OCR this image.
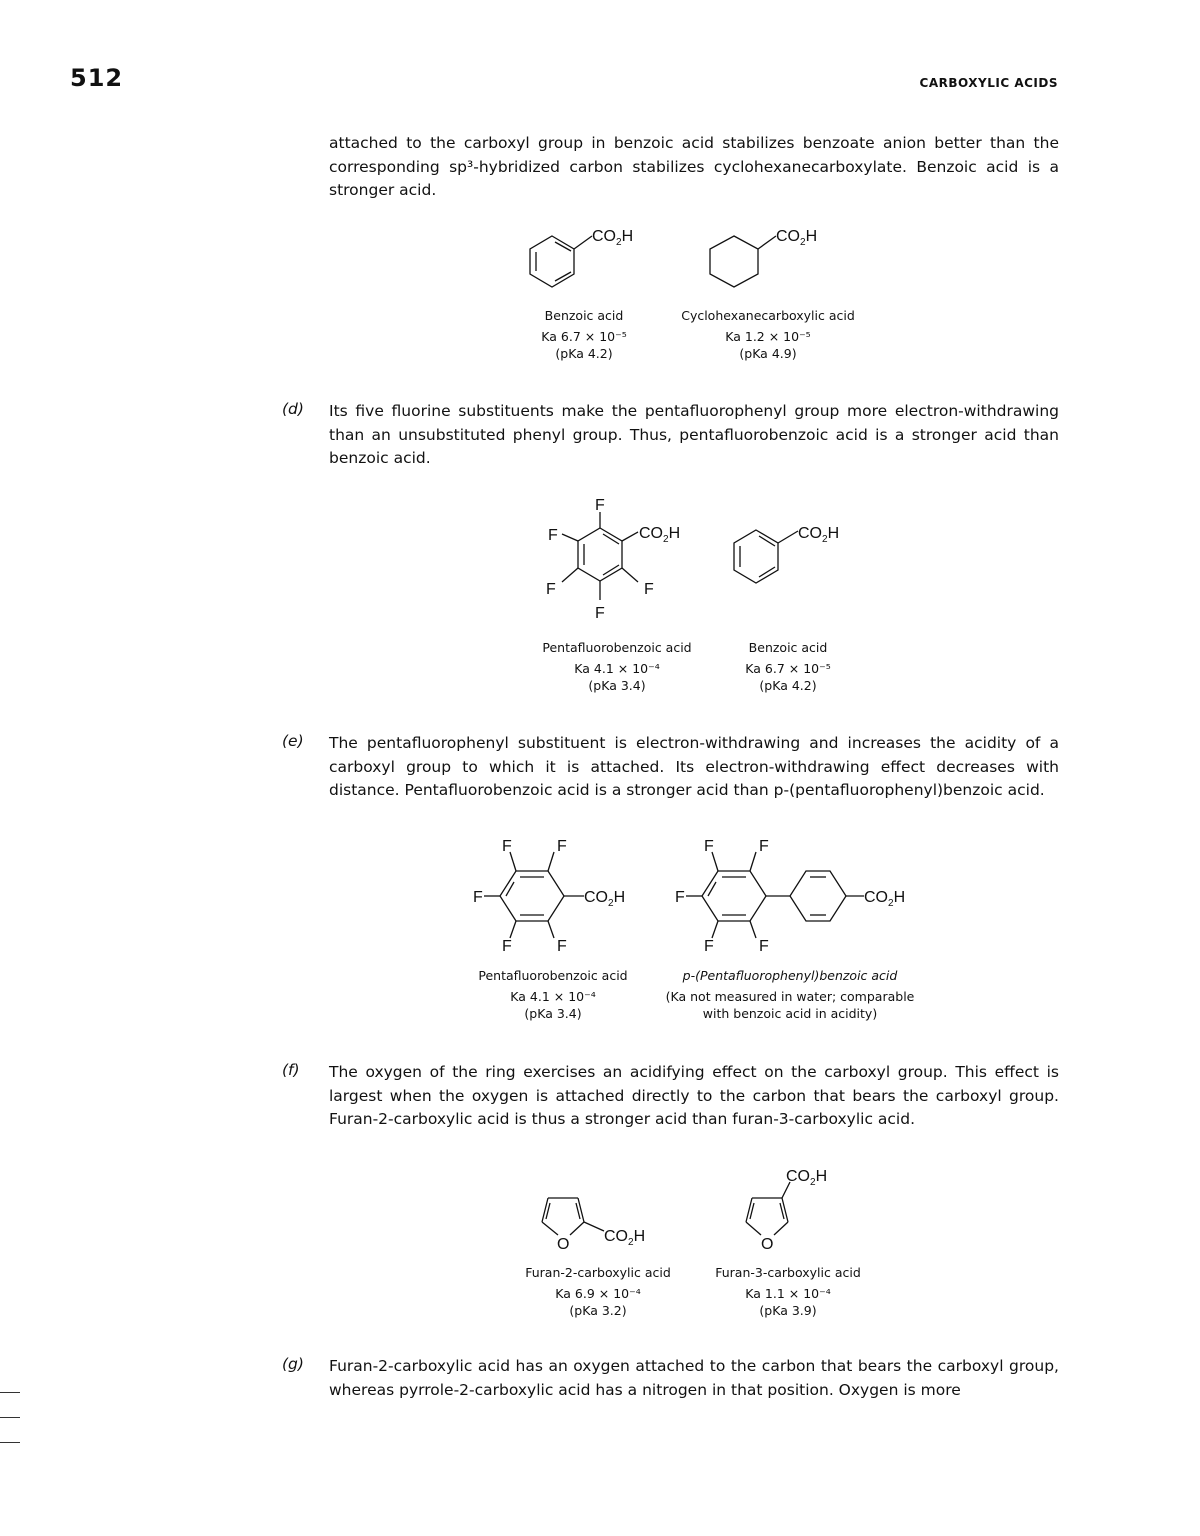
512	CARBOXYLIC ACIDS
attached to the carboxyl group in benzoic acid stabilizes benzoate anion better than the corresponding sp³-hybridized carbon stabilizes cyclohexanecarboxylate. Benzoic acid is a stronger acid.
$CO_2H$	$CO_2H$
Benzoic acid
Ka 6.7 × 10⁻⁵
(pKa 4.2)
Cyclohexanecarboxylic acid
Ka 1.2 × 10⁻⁵
(pKa 4.9)
(d) Its five fluorine substituents make the pentafluorophenyl group more electron-withdrawing than an unsubstituted phenyl group. Thus, pentafluorobenzoic acid is a stronger acid than benzoic acid.
F
F
F	F
F
$CO_2H$	$CO_2H$
Pentafluorobenzoic acid
Ka 4.1 × 10⁻⁴
(pKa 3.4)
Benzoic acid
Ka 6.7 × 10⁻⁵
(pKa 4.2)
(e) The pentafluorophenyl substituent is electron-withdrawing and increases the acidity of a carboxyl group to which it is attached. Its electron-withdrawing effect decreases with distance. Pentafluorobenzoic acid is a stronger acid than p-(pentafluorophenyl)benzoic acid.
F	F
F
F	F
$CO_2H$
F	F
F
F	F
$CO_2H$
Pentafluorobenzoic acid
Ka 4.1 × 10⁻⁴
(pKa 3.4)
p-(Pentafluorophenyl)benzoic acid
(Ka not measured in water; comparable
with benzoic acid in acidity)
(f) The oxygen of the ring exercises an acidifying effect on the carboxyl group. This effect is largest when the oxygen is attached directly to the carbon that bears the carboxyl group. Furan-2-carboxylic acid is thus a stronger acid than furan-3-carboxylic acid.
O $CO_2H$	O
$CO_2H$
Furan-2-carboxylic acid
Ka 6.9 × 10⁻⁴
(pKa 3.2)
Furan-3-carboxylic acid
Ka 1.1 × 10⁻⁴
(pKa 3.9)
(g) Furan-2-carboxylic acid has an oxygen attached to the carbon that bears the carboxyl group, whereas pyrrole-2-carboxylic acid has a nitrogen in that position. Oxygen is more
